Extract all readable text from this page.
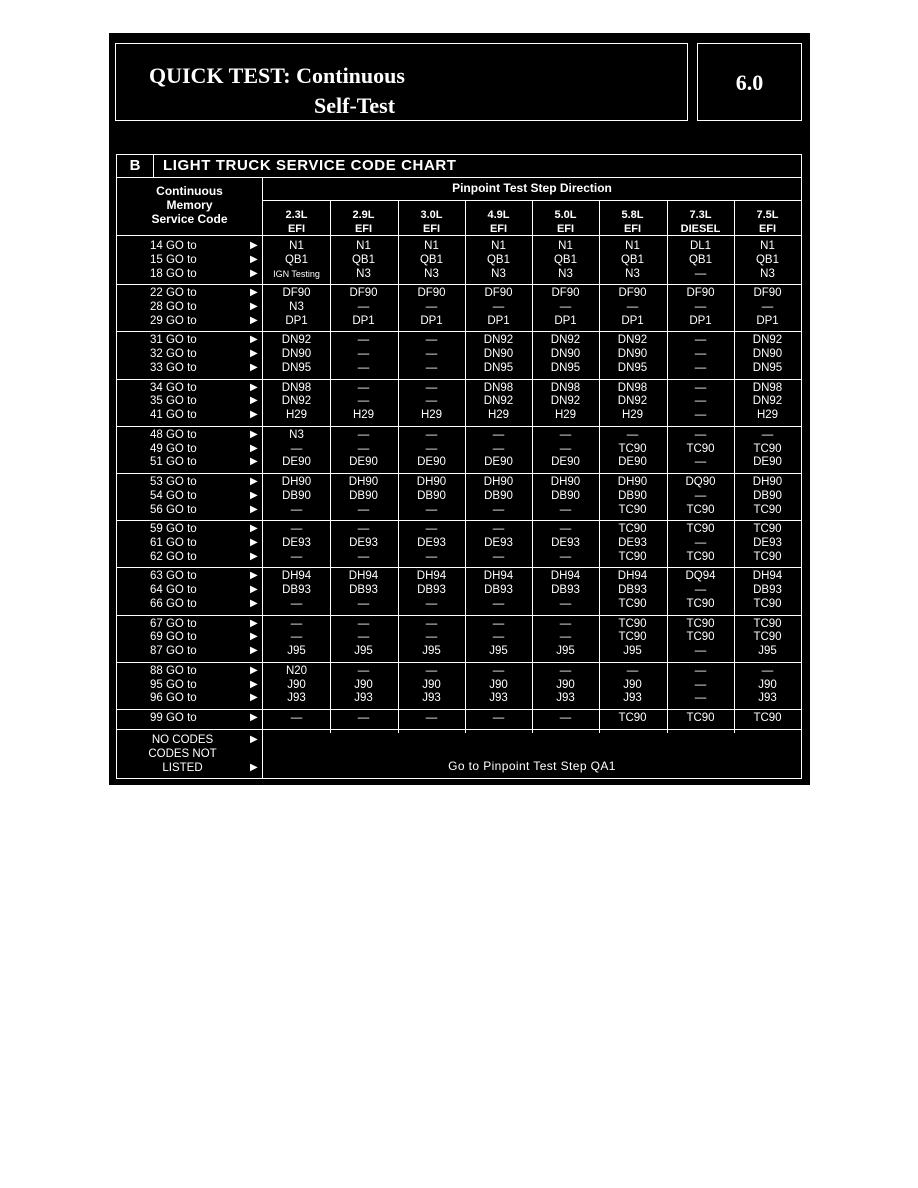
QUICK TEST: Continuous
Self-Test
6.0
B	LIGHT TRUCK SERVICE CODE CHART
Continuous
Memory
Service Code
Pinpoint Test Step Direction
2.3L
EFI
2.9L
EFI
3.0L
EFI
4.9L
EFI
5.0L
EFI
5.8L
EFI
7.3L
DIESEL
7.5L
EFI
14 GO to	▶	N1	N1	N1	N1	N1	N1	DL1	N1
15 GO to	▶	QB1	QB1	QB1	QB1	QB1	QB1	QB1	QB1
18 GO to	▶	IGN Testing	N3	N3	N3	N3	N3	—	N3
22 GO to	▶	DF90	DF90	DF90	DF90	DF90	DF90	DF90	DF90
28 GO to	▶	N3	—	—	—	—	—	—	—
29 GO to	▶	DP1	DP1	DP1	DP1	DP1	DP1	DP1	DP1
31 GO to	▶	DN92	—	—	DN92	DN92	DN92	—	DN92
32 GO to	▶	DN90	—	—	DN90	DN90	DN90	—	DN90
33 GO to	▶	DN95	—	—	DN95	DN95	DN95	—	DN95
34 GO to	▶	DN98	—	—	DN98	DN98	DN98	—	DN98
35 GO to	▶	DN92	—	—	DN92	DN92	DN92	—	DN92
41 GO to	▶	H29	H29	H29	H29	H29	H29	—	H29
48 GO to	▶	N3	—	—	—	—	—	—	—
49 GO to	▶	—	—	—	—	—	TC90	TC90	TC90
51 GO to	▶	DE90	DE90	DE90	DE90	DE90	DE90	—	DE90
53 GO to	▶	DH90	DH90	DH90	DH90	DH90	DH90	DQ90	DH90
54 GO to	▶	DB90	DB90	DB90	DB90	DB90	DB90	—	DB90
56 GO to	▶	—	—	—	—	—	TC90	TC90	TC90
59 GO to	▶	—	—	—	—	—	TC90	TC90	TC90
61 GO to	▶	DE93	DE93	DE93	DE93	DE93	DE93	—	DE93
62 GO to	▶	—	—	—	—	—	TC90	TC90	TC90
63 GO to	▶	DH94	DH94	DH94	DH94	DH94	DH94	DQ94	DH94
64 GO to	▶	DB93	DB93	DB93	DB93	DB93	DB93	—	DB93
66 GO to	▶	—	—	—	—	—	TC90	TC90	TC90
67 GO to	▶	—	—	—	—	—	TC90	TC90	TC90
69 GO to	▶	—	—	—	—	—	TC90	TC90	TC90
87 GO to	▶	J95	J95	J95	J95	J95	J95	—	J95
88 GO to	▶	N20	—	—	—	—	—	—	—
95 GO to	▶	J90	J90	J90	J90	J90	J90	—	J90
96 GO to	▶	J93	J93	J93	J93	J93	J93	—	J93
99 GO to	▶	—	—	—	—	—	TC90	TC90	TC90
NO CODES	▶
CODES NOT
LISTED	▶	Go to Pinpoint Test Step QA1
